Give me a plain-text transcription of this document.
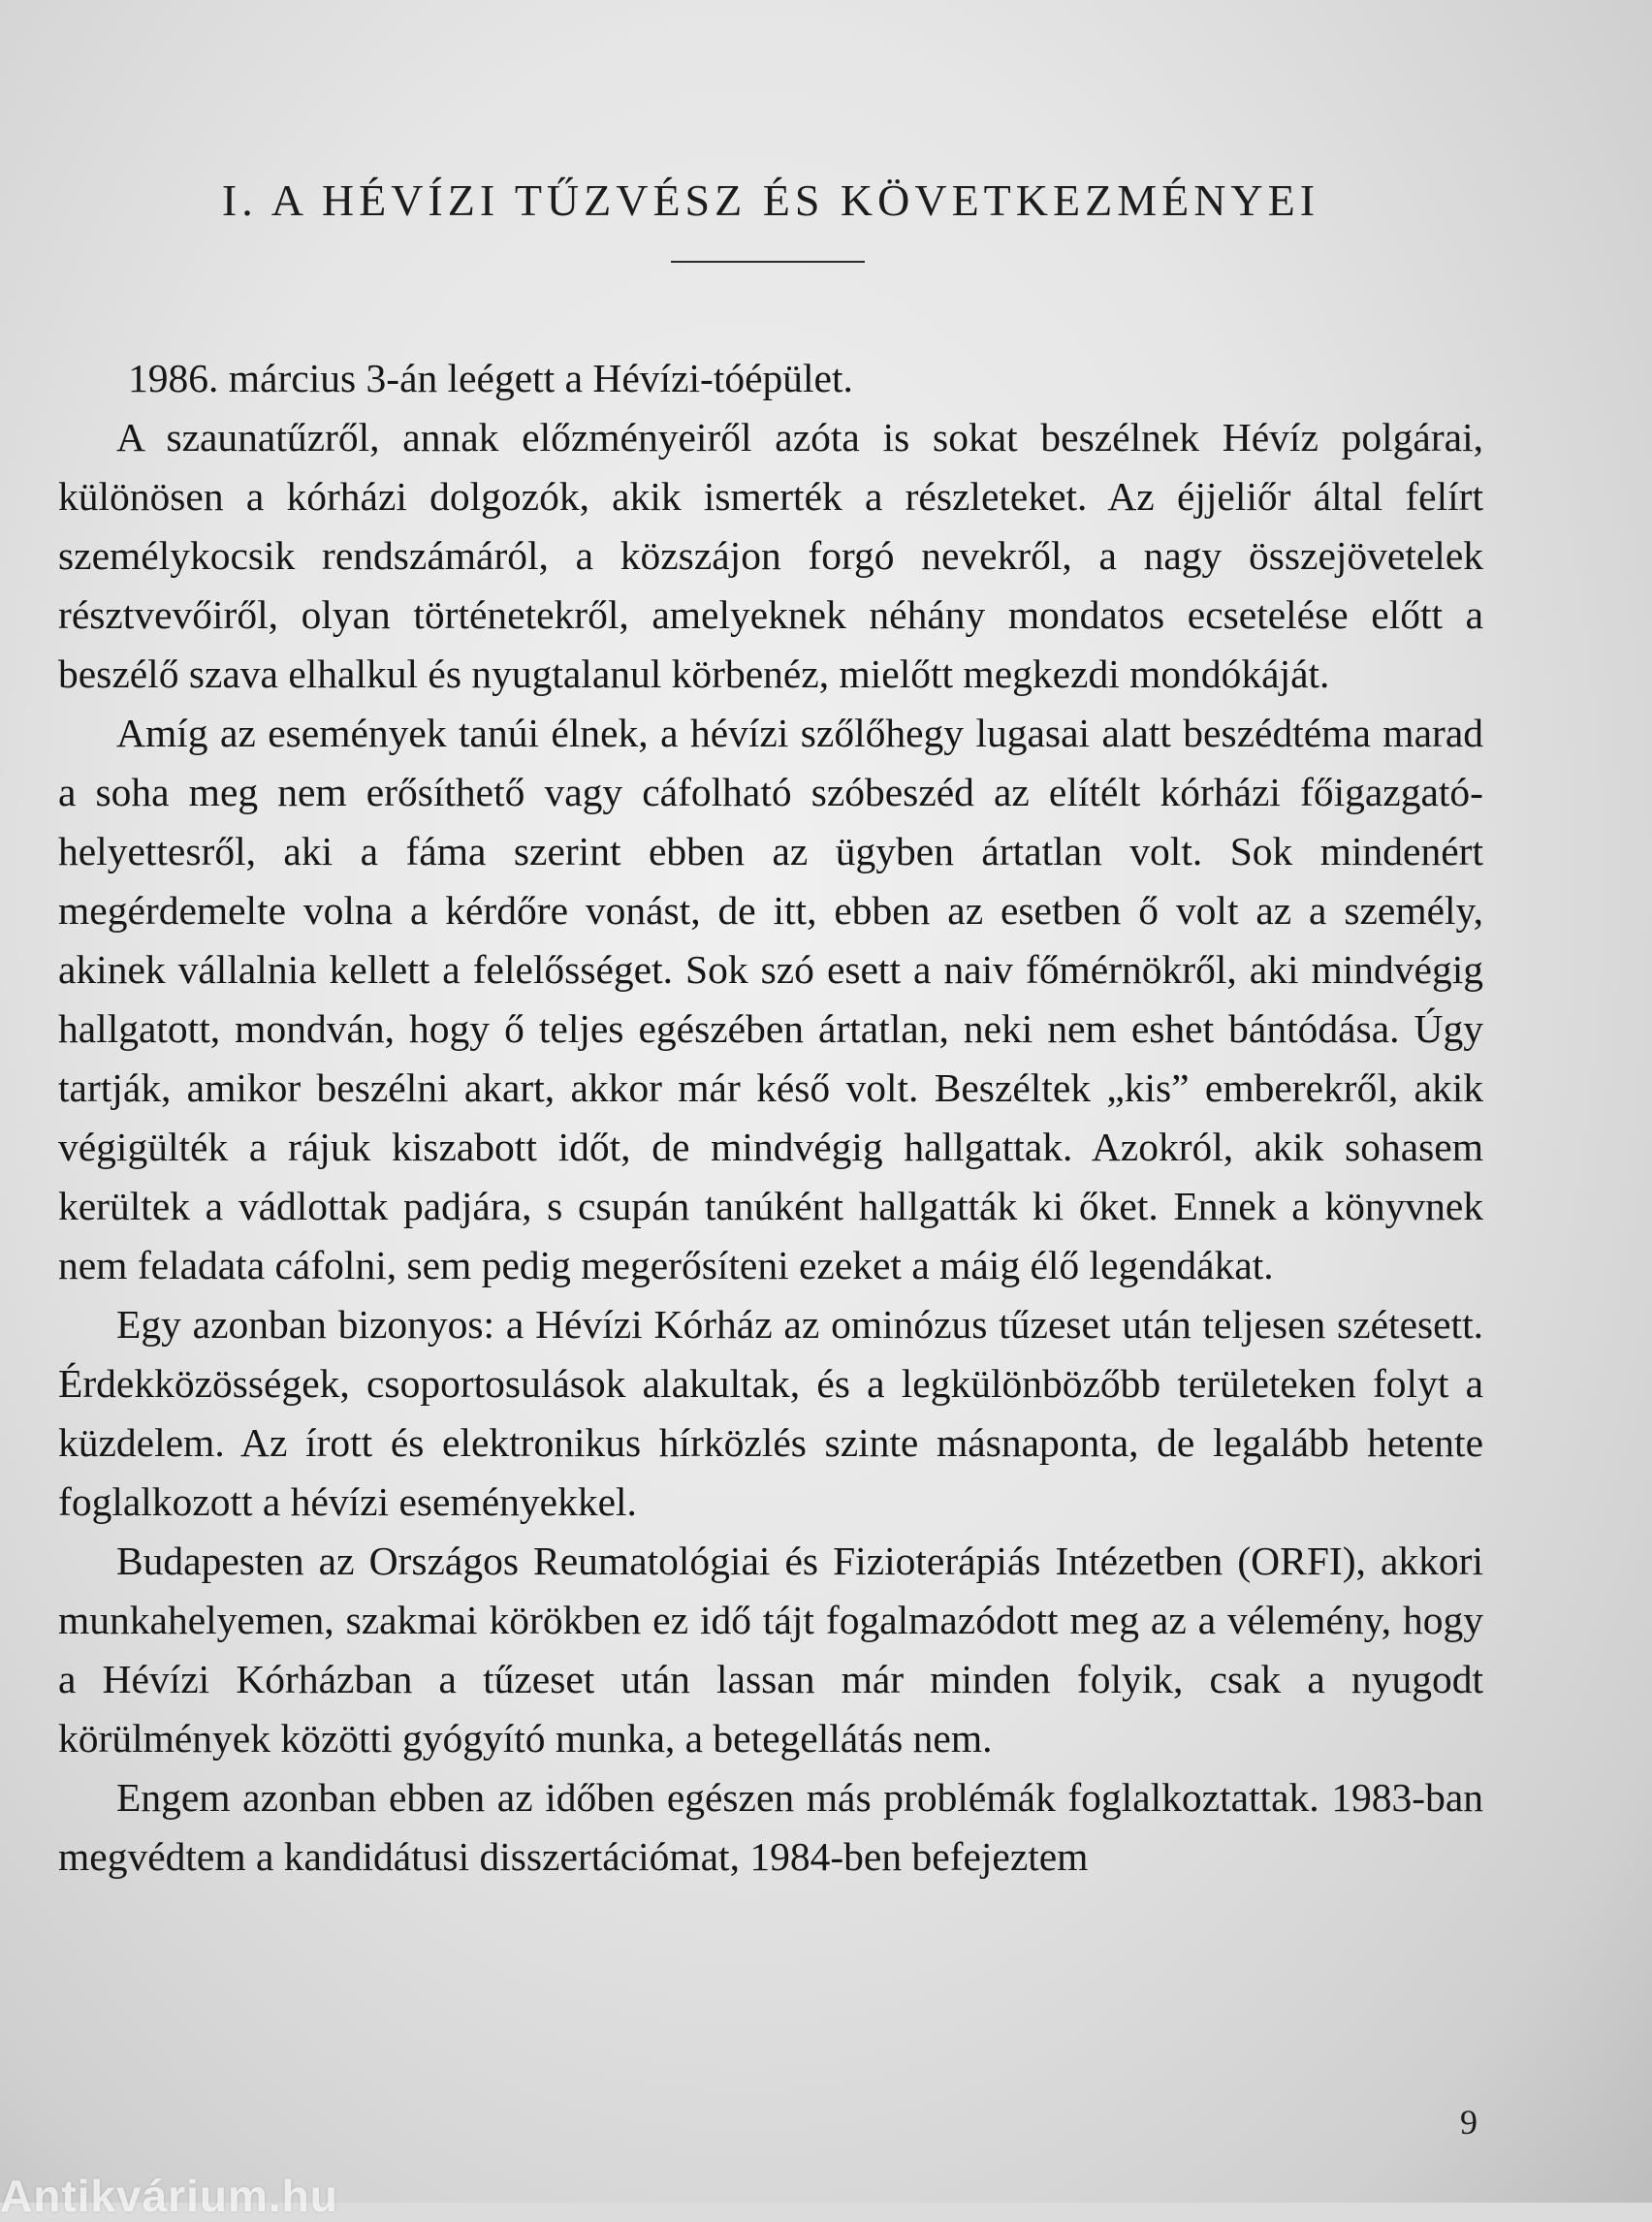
I. A HÉVÍZI TŰZVÉSZ ÉS KÖVETKEZMÉNYEI

1986. március 3-án leégett a Hévízi-tóépület.

A szaunatűzről, annak előzményeiről azóta is sokat beszélnek Hévíz polgárai, különösen a kórházi dolgozók, akik ismerték a részleteket. Az éjjeliőr által felírt személykocsik rendszámáról, a közszájon forgó nevekről, a nagy összejövetelek résztvevőiről, olyan történetekről, amelyeknek néhány mondatos ecsetelése előtt a beszélő szava elhalkul és nyugtalanul körbenéz, mielőtt megkezdi mondókáját.

Amíg az események tanúi élnek, a hévízi szőlőhegy lugasai alatt beszédtéma marad a soha meg nem erősíthető vagy cáfolható szóbeszéd az elítélt kórházi főigazgató-helyettesről, aki a fáma szerint ebben az ügyben ártatlan volt. Sok mindenért megérdemelte volna a kérdőre vonást, de itt, ebben az esetben ő volt az a személy, akinek vállalnia kellett a felelősséget. Sok szó esett a naiv főmérnökről, aki mindvégig hallgatott, mondván, hogy ő teljes egészében ártatlan, neki nem eshet bántódása. Úgy tartják, amikor beszélni akart, akkor már késő volt. Beszéltek „kis” emberekről, akik végigülték a rájuk kiszabott időt, de mindvégig hallgattak. Azokról, akik sohasem kerültek a vádlottak padjára, s csupán tanúként hallgatták ki őket. Ennek a könyvnek nem feladata cáfolni, sem pedig megerősíteni ezeket a máig élő legendákat.

Egy azonban bizonyos: a Hévízi Kórház az ominózus tűzeset után teljesen szétesett. Érdekközösségek, csoportosulások alakultak, és a legkülönbözőbb területeken folyt a küzdelem. Az írott és elektronikus hírközlés szinte másnaponta, de legalább hetente foglalkozott a hévízi eseményekkel.

Budapesten az Országos Reumatológiai és Fizioterápiás Intézetben (ORFI), akkori munkahelyemen, szakmai körökben ez idő tájt fogalmazódott meg az a vélemény, hogy a Hévízi Kórházban a tűzeset után lassan már minden folyik, csak a nyugodt körülmények közötti gyógyító munka, a betegellátás nem.

Engem azonban ebben az időben egészen más problémák foglalkoztattak. 1983-ban megvédtem a kandidátusi disszertációmat, 1984-ben befejeztem

9
Antikvárium.hu
